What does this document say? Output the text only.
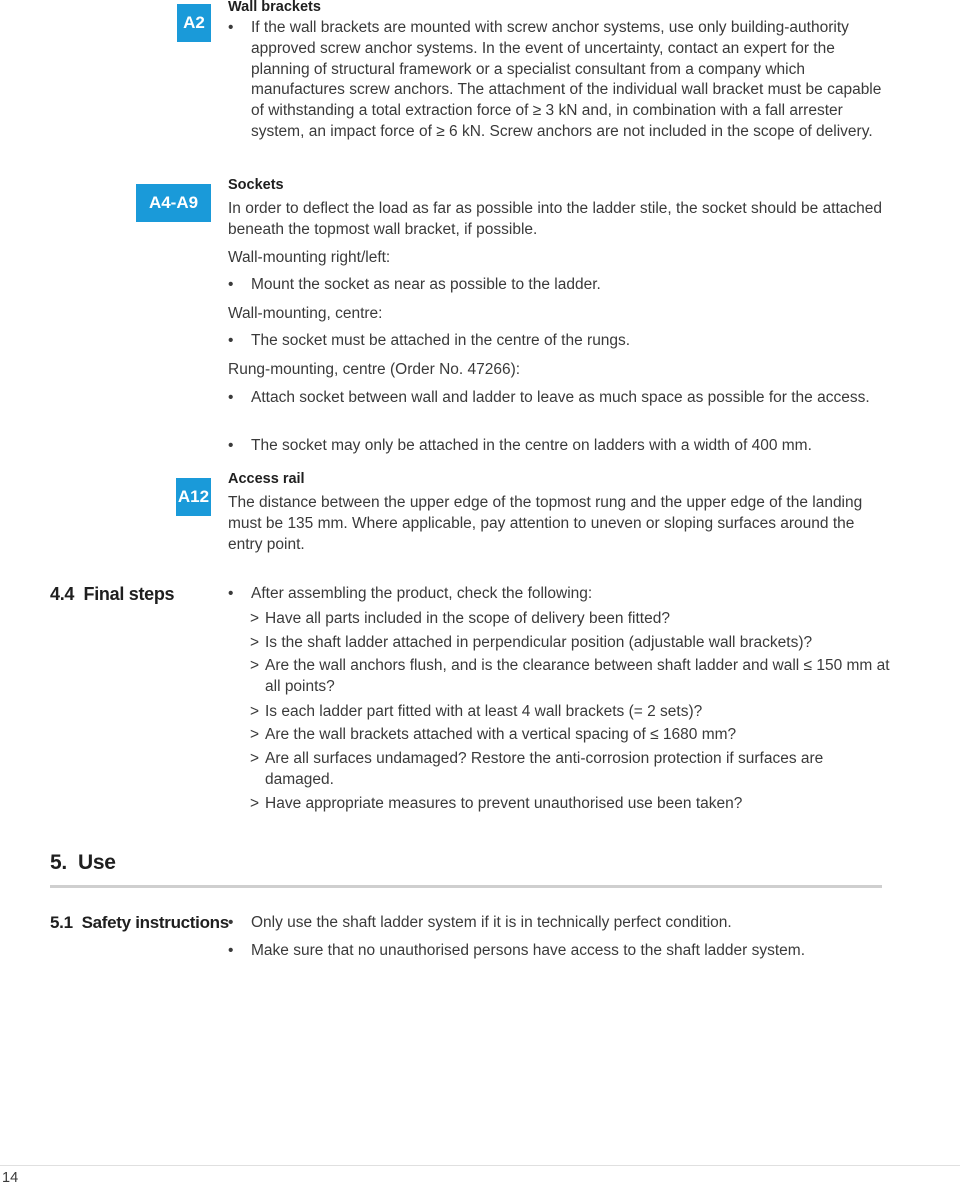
A2
A4-A9
A12
Wall brackets
• If the wall brackets are mounted with screw anchor systems, use only building-authority approved screw anchor systems. In the event of uncertainty, contact an expert for the planning of structural framework or a specialist consultant from a company which manufactures screw anchors. The attachment of the individual wall bracket must be capable of withstanding a total extraction force of ≥ 3 kN and, in combination with a fall arrester system, an impact force of ≥ 6 kN. Screw anchors are not included in the scope of delivery.
Sockets
In order to deflect the load as far as possible into the ladder stile, the socket should be attached beneath the topmost wall bracket, if possible.
Wall-mounting right/left:
• Mount the socket as near as possible to the ladder.
Wall-mounting, centre:
• The socket must be attached in the centre of the rungs.
Rung-mounting, centre (Order No. 47266):
• Attach socket between wall and ladder to leave as much space as possible for the access.
• The socket may only be attached in the centre on ladders with a width of 400 mm.
Access rail
The distance between the upper edge of the topmost rung and the upper edge of the landing must be 135 mm. Where applicable, pay attention to uneven or sloping surfaces around the entry point.
4.4  Final steps	• After assembling the product, check the following:
> Have all parts included in the scope of delivery been fitted?
> Is the shaft ladder attached in perpendicular position (adjustable wall brackets)?
> Are the wall anchors flush, and is the clearance between shaft ladder and wall ≤ 150 mm at all points?
> Is each ladder part fitted with at least 4 wall brackets (= 2 sets)?
> Are the wall brackets attached with a vertical spacing of ≤ 1680 mm?
> Are all surfaces undamaged? Restore the anti-corrosion protection if surfaces are damaged.
> Have appropriate measures to prevent unauthorised use been taken?
5.  Use
5.1  Safety instructions • Only use the shaft ladder system if it is in technically perfect condition.
• Make sure that no unauthorised persons have access to the shaft ladder system.
14
